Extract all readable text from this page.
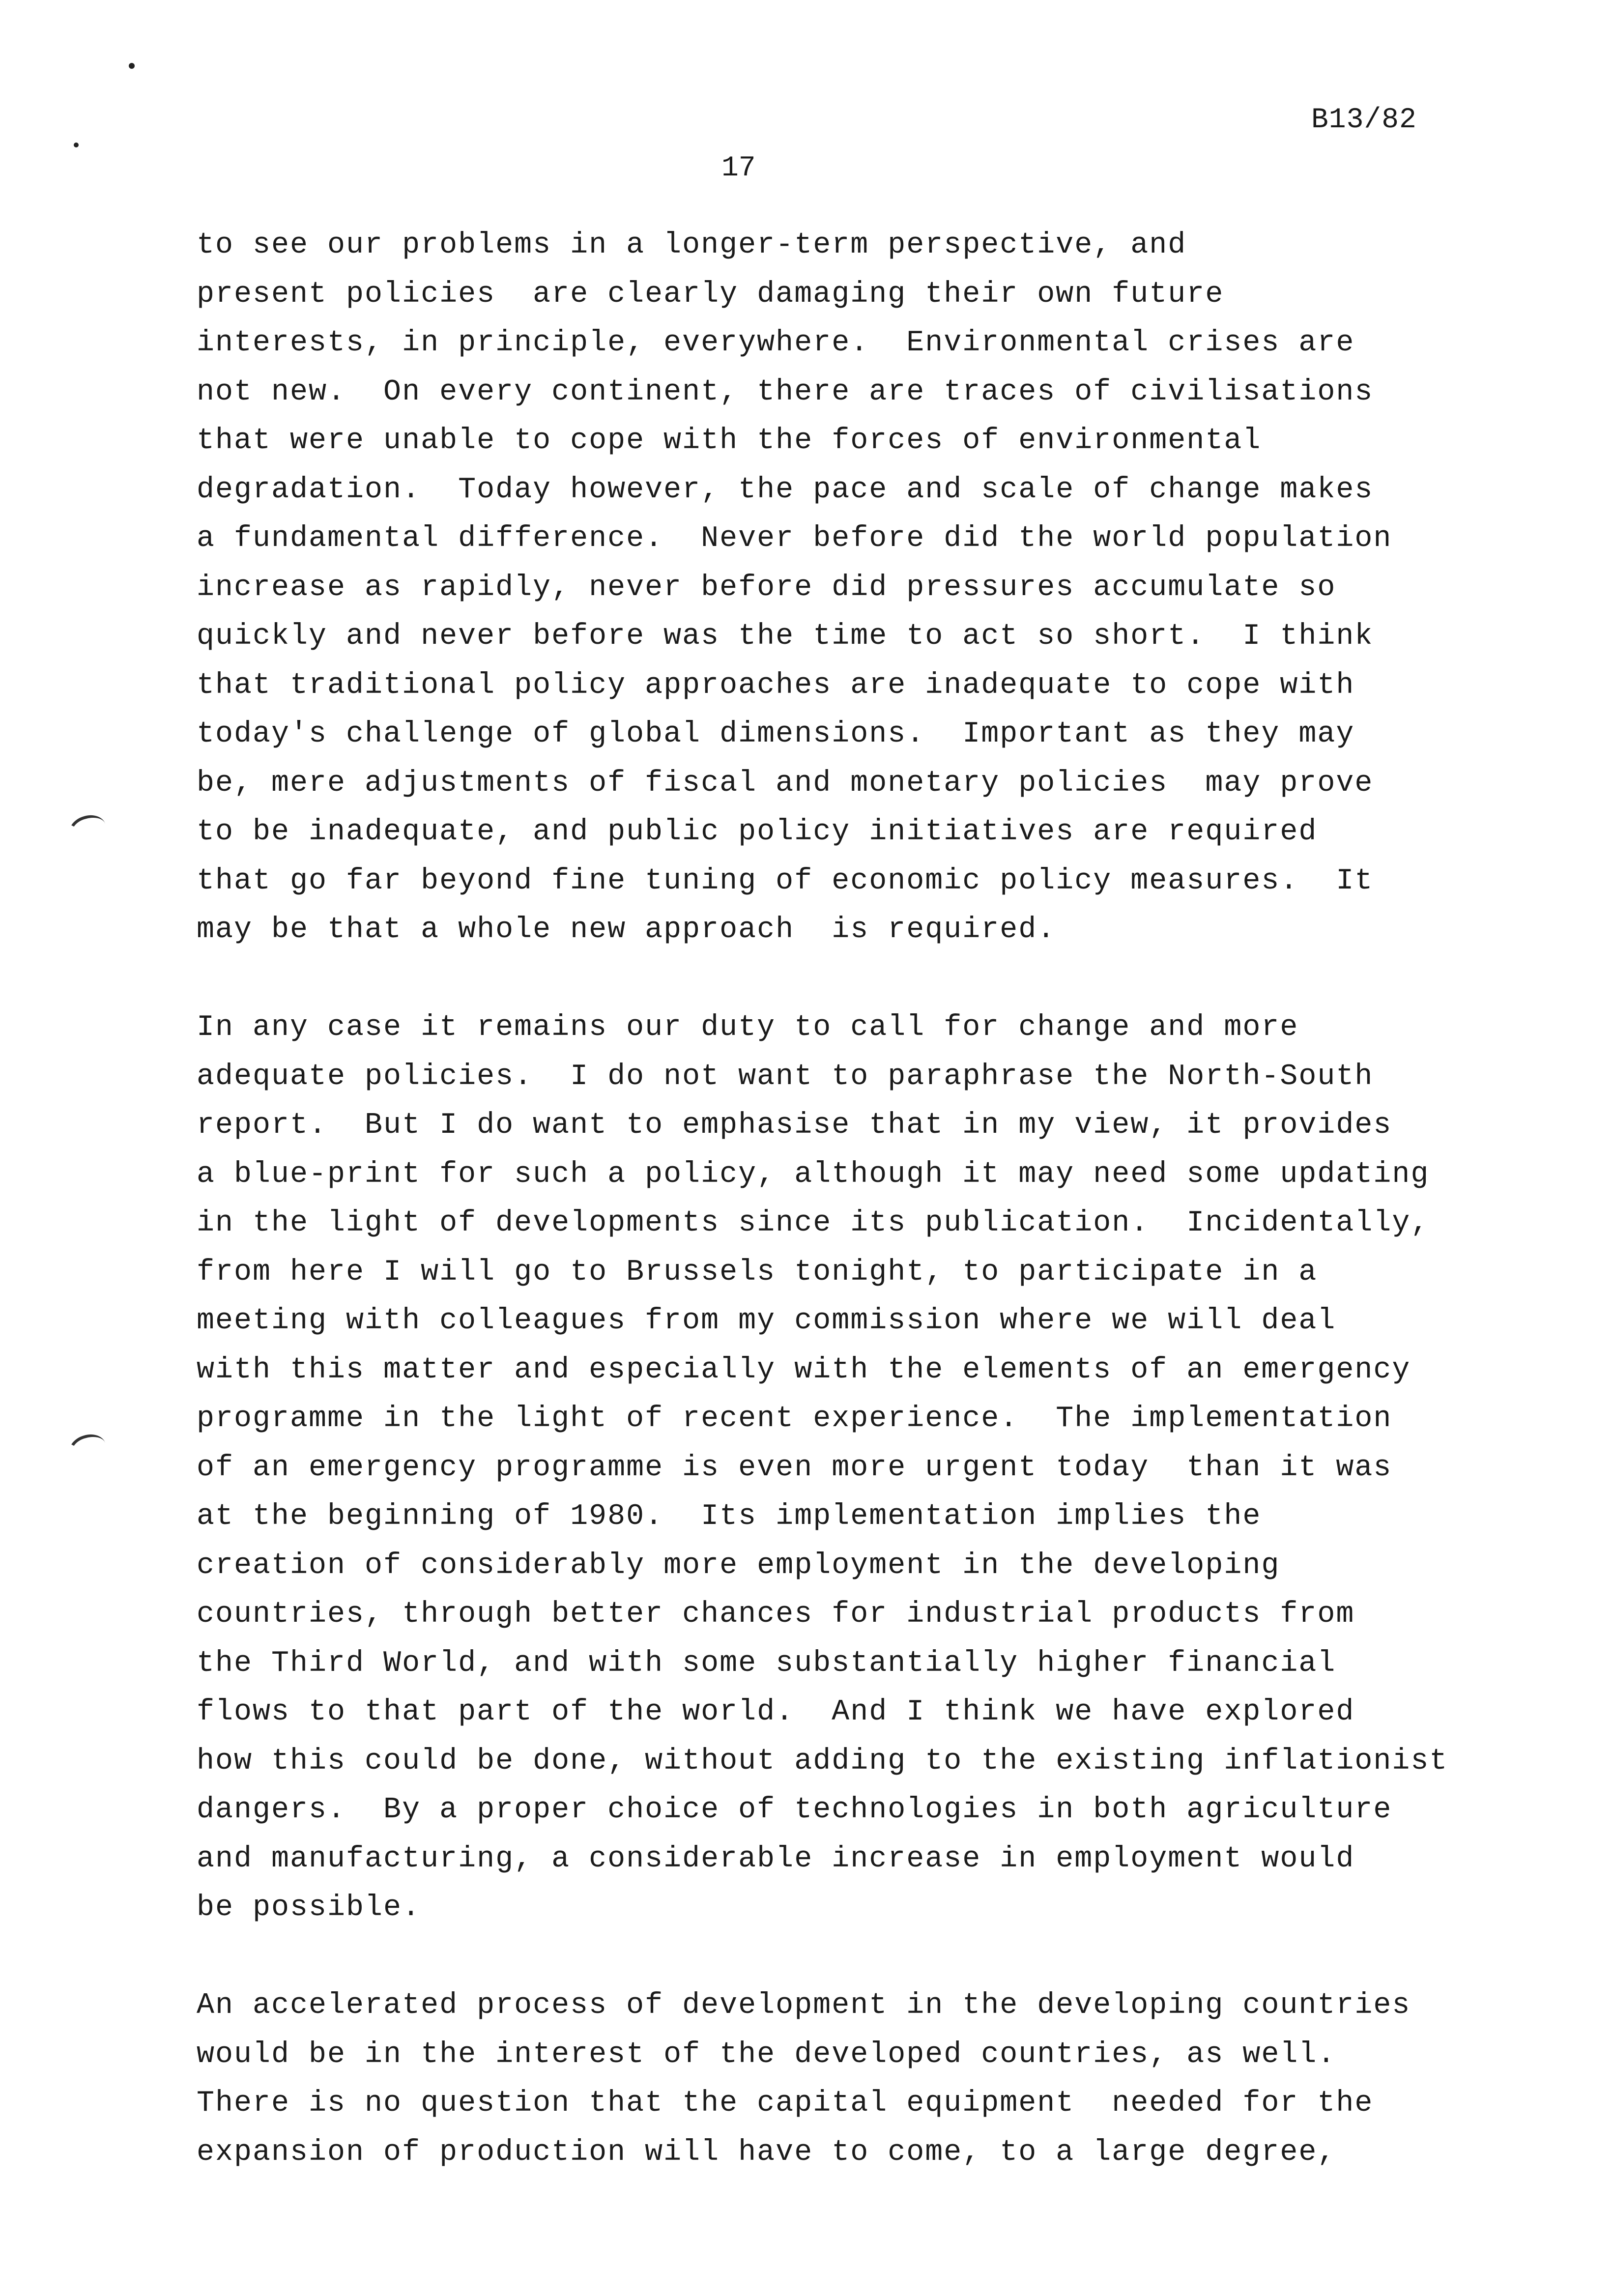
B13/82
17
to see our problems in a longer-term perspective, and
present policies  are clearly damaging their own future
interests, in principle, everywhere.  Environmental crises are
not new.  On every continent, there are traces of civilisations
that were unable to cope with the forces of environmental
degradation.  Today however, the pace and scale of change makes
a fundamental difference.  Never before did the world population
increase as rapidly, never before did pressures accumulate so
quickly and never before was the time to act so short.  I think
that traditional policy approaches are inadequate to cope with
today's challenge of global dimensions.  Important as they may
be, mere adjustments of fiscal and monetary policies  may prove
to be inadequate, and public policy initiatives are required
that go far beyond fine tuning of economic policy measures.  It
may be that a whole new approach  is required.
In any case it remains our duty to call for change and more
adequate policies.  I do not want to paraphrase the North-South
report.  But I do want to emphasise that in my view, it provides
a blue-print for such a policy, although it may need some updating
in the light of developments since its publication.  Incidentally,
from here I will go to Brussels tonight, to participate in a
meeting with colleagues from my commission where we will deal
with this matter and especially with the elements of an emergency
programme in the light of recent experience.  The implementation
of an emergency programme is even more urgent today  than it was
at the beginning of 1980.  Its implementation implies the
creation of considerably more employment in the developing
countries, through better chances for industrial products from
the Third World, and with some substantially higher financial
flows to that part of the world.  And I think we have explored
how this could be done, without adding to the existing inflationist
dangers.  By a proper choice of technologies in both agriculture
and manufacturing, a considerable increase in employment would
be possible.
An accelerated process of development in the developing countries
would be in the interest of the developed countries, as well.
There is no question that the capital equipment  needed for the
expansion of production will have to come, to a large degree,
